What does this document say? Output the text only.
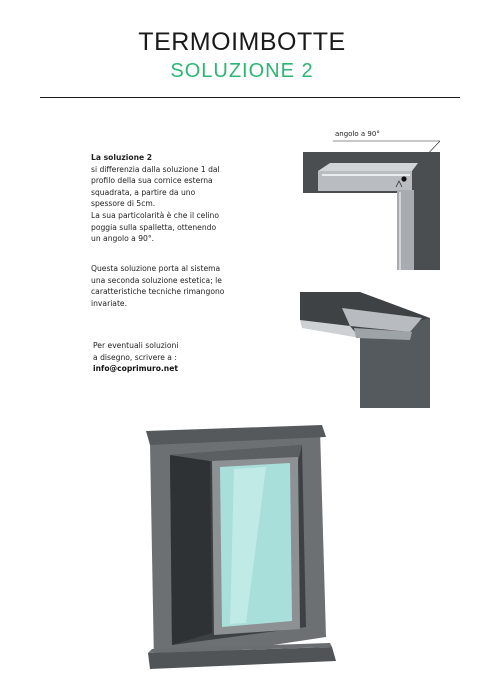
TERMOIMBOTTE
SOLUZIONE 2
La soluzione 2
si differenzia dalla soluzione 1 dal
profilo della sua cornice esterna
squadrata, a partire da uno
spessore di 5cm.
La sua particolarità è che il celino
poggia sulla spalletta, ottenendo
un angolo a 90°.
Questa soluzione porta al sistema
una seconda soluzione estetica; le
caratteristiche tecniche rimangono
invariate.
Per eventuali soluzioni
a disegno, scrivere a :
info@coprimuro.net
angolo a 90°
